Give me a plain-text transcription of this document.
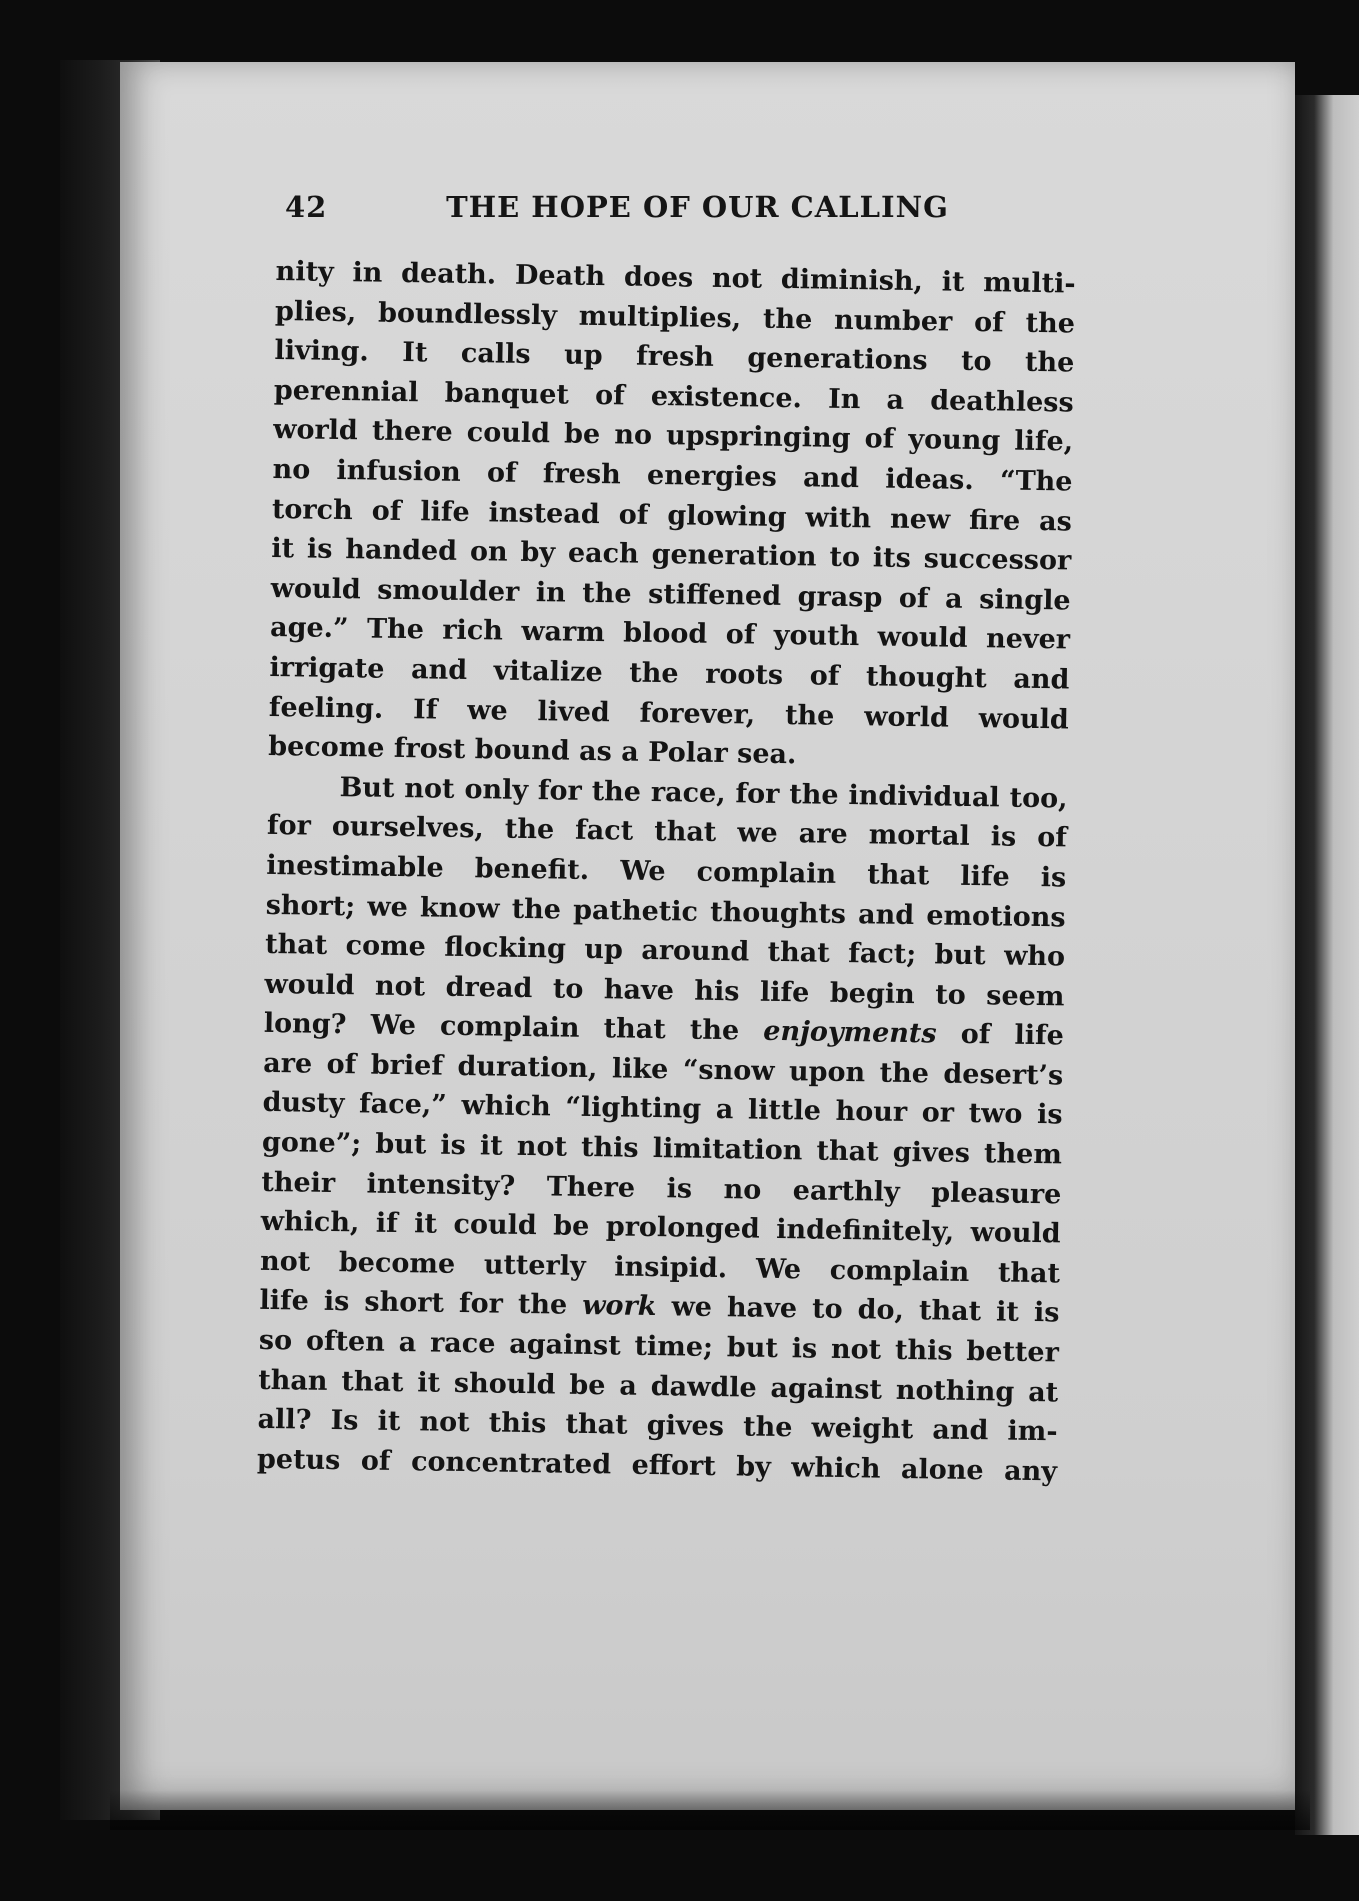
42	THE HOPE OF OUR CALLING
nity in death. Death does not diminish, it multi-
plies, boundlessly multiplies, the number of the
living. It calls up fresh generations to the
perennial banquet of existence. In a deathless
world there could be no upspringing of young life,
no infusion of fresh energies and ideas. “The
torch of life instead of glowing with new fire as
it is handed on by each generation to its successor
would smoulder in the stiffened grasp of a single
age.” The rich warm blood of youth would never
irrigate and vitalize the roots of thought and
feeling. If we lived forever, the world would
become frost bound as a Polar sea.
But not only for the race, for the individual too,
for ourselves, the fact that we are mortal is of
inestimable benefit. We complain that life is
short; we know the pathetic thoughts and emotions
that come flocking up around that fact; but who
would not dread to have his life begin to seem
long? We complain that the enjoyments of life
are of brief duration, like “snow upon the desert’s
dusty face,” which “lighting a little hour or two is
gone”; but is it not this limitation that gives them
their intensity? There is no earthly pleasure
which, if it could be prolonged indefinitely, would
not become utterly insipid. We complain that
life is short for the work we have to do, that it is
so often a race against time; but is not this better
than that it should be a dawdle against nothing at
all? Is it not this that gives the weight and im-
petus of concentrated effort by which alone any
